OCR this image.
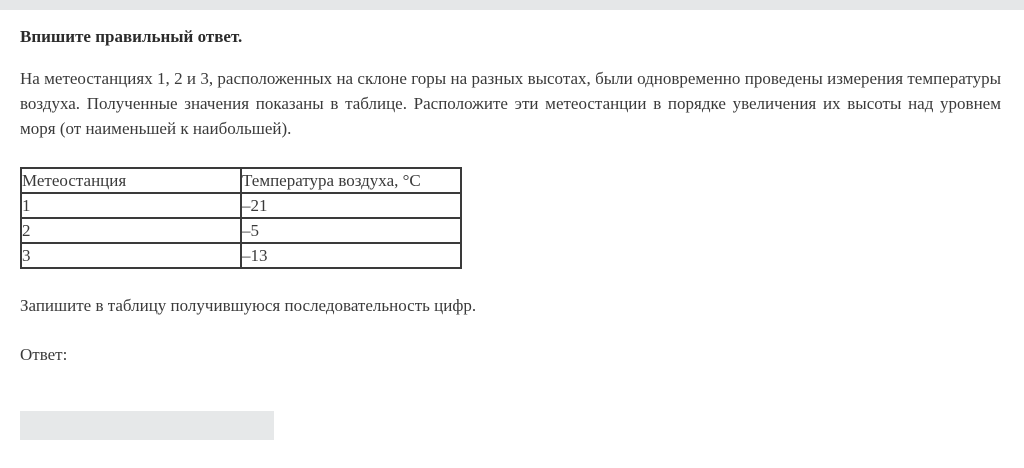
Впишите правильный ответ.

На метеостанциях 1, 2 и 3, расположенных на склоне горы на разных высотах, были одновременно проведены измерения температуры воздуха. Полученные значения показаны в таблице. Расположите эти метеостанции в порядке увеличения их высоты над уровнем моря (от наименьшей к наибольшей).

Метеостанция	Температура воздуха, °С
1	–21
2	–5
3	–13

Запишите в таблицу получившуюся последовательность цифр.

Ответ:
